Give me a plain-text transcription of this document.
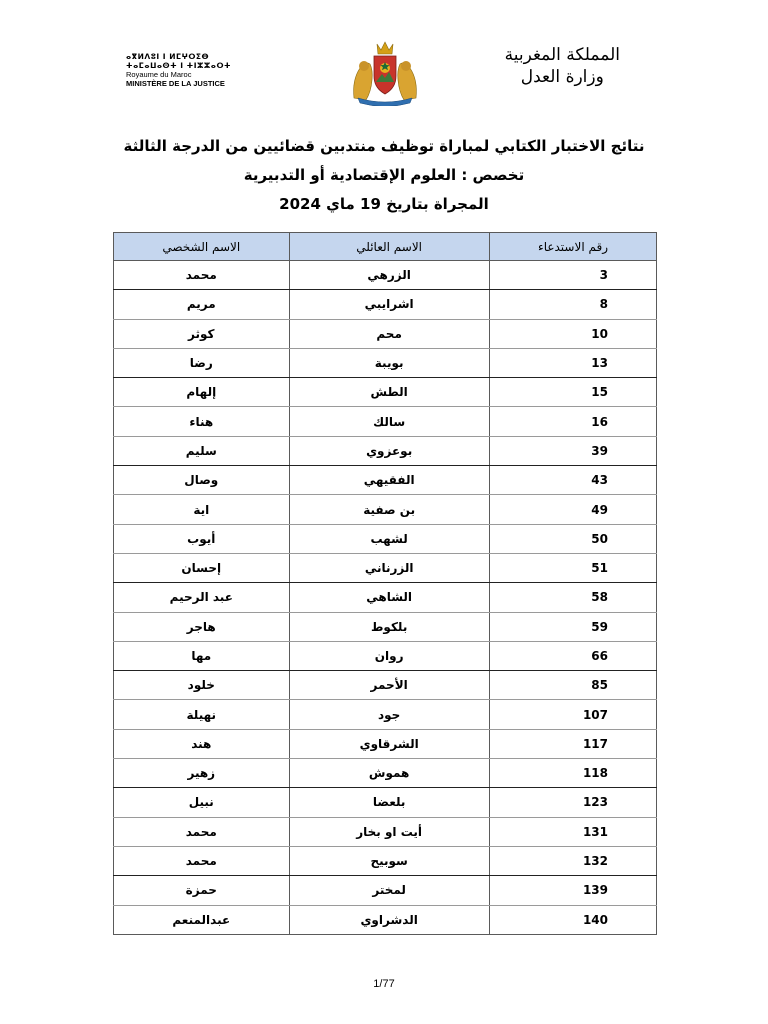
ⴰⴳⵍⴷⵓⵏ ⵏ ⵍⵎⵖⵔⵉⴱ
ⵜⴰⵎⴰⵡⴰⵙⵜ ⵏ ⵜⵏⵣⵣⴰⵔⵜ
Royaume du Maroc
MINISTÈRE DE LA JUSTICE
المملكة المغربية
وزارة العدل
نتائج الاختبار الكتابي لمباراة توظيف منتدبين قضائيين من الدرجة الثالثة
تخصص : العلوم الإقتصادية أو التدبيرية
المجراة بتاريخ 19 ماي 2024
رقم الاستدعاء	الاسم العائلي	الاسم الشخصي
3	الزرهي	محمد
8	اشرايبي	مريم
10	محم	كوثر
13	بويبة	رضا
15	الطش	إلهام
16	سالك	هناء
39	بوعزوي	سليم
43	الفقيهي	وصال
49	بن صفية	اية
50	لشهب	أيوب
51	الزرناني	إحسان
58	الشاهي	عبد الرحيم
59	بلكوط	هاجر
66	روان	مها
85	الأحمر	خلود
107	جود	نهيلة
117	الشرقاوي	هند
118	هموش	زهير
123	بلعضا	نبيل
131	أيت او بخار	محمد
132	سوبيح	محمد
139	لمختر	حمزة
140	الدشراوي	عبدالمنعم
1/77
